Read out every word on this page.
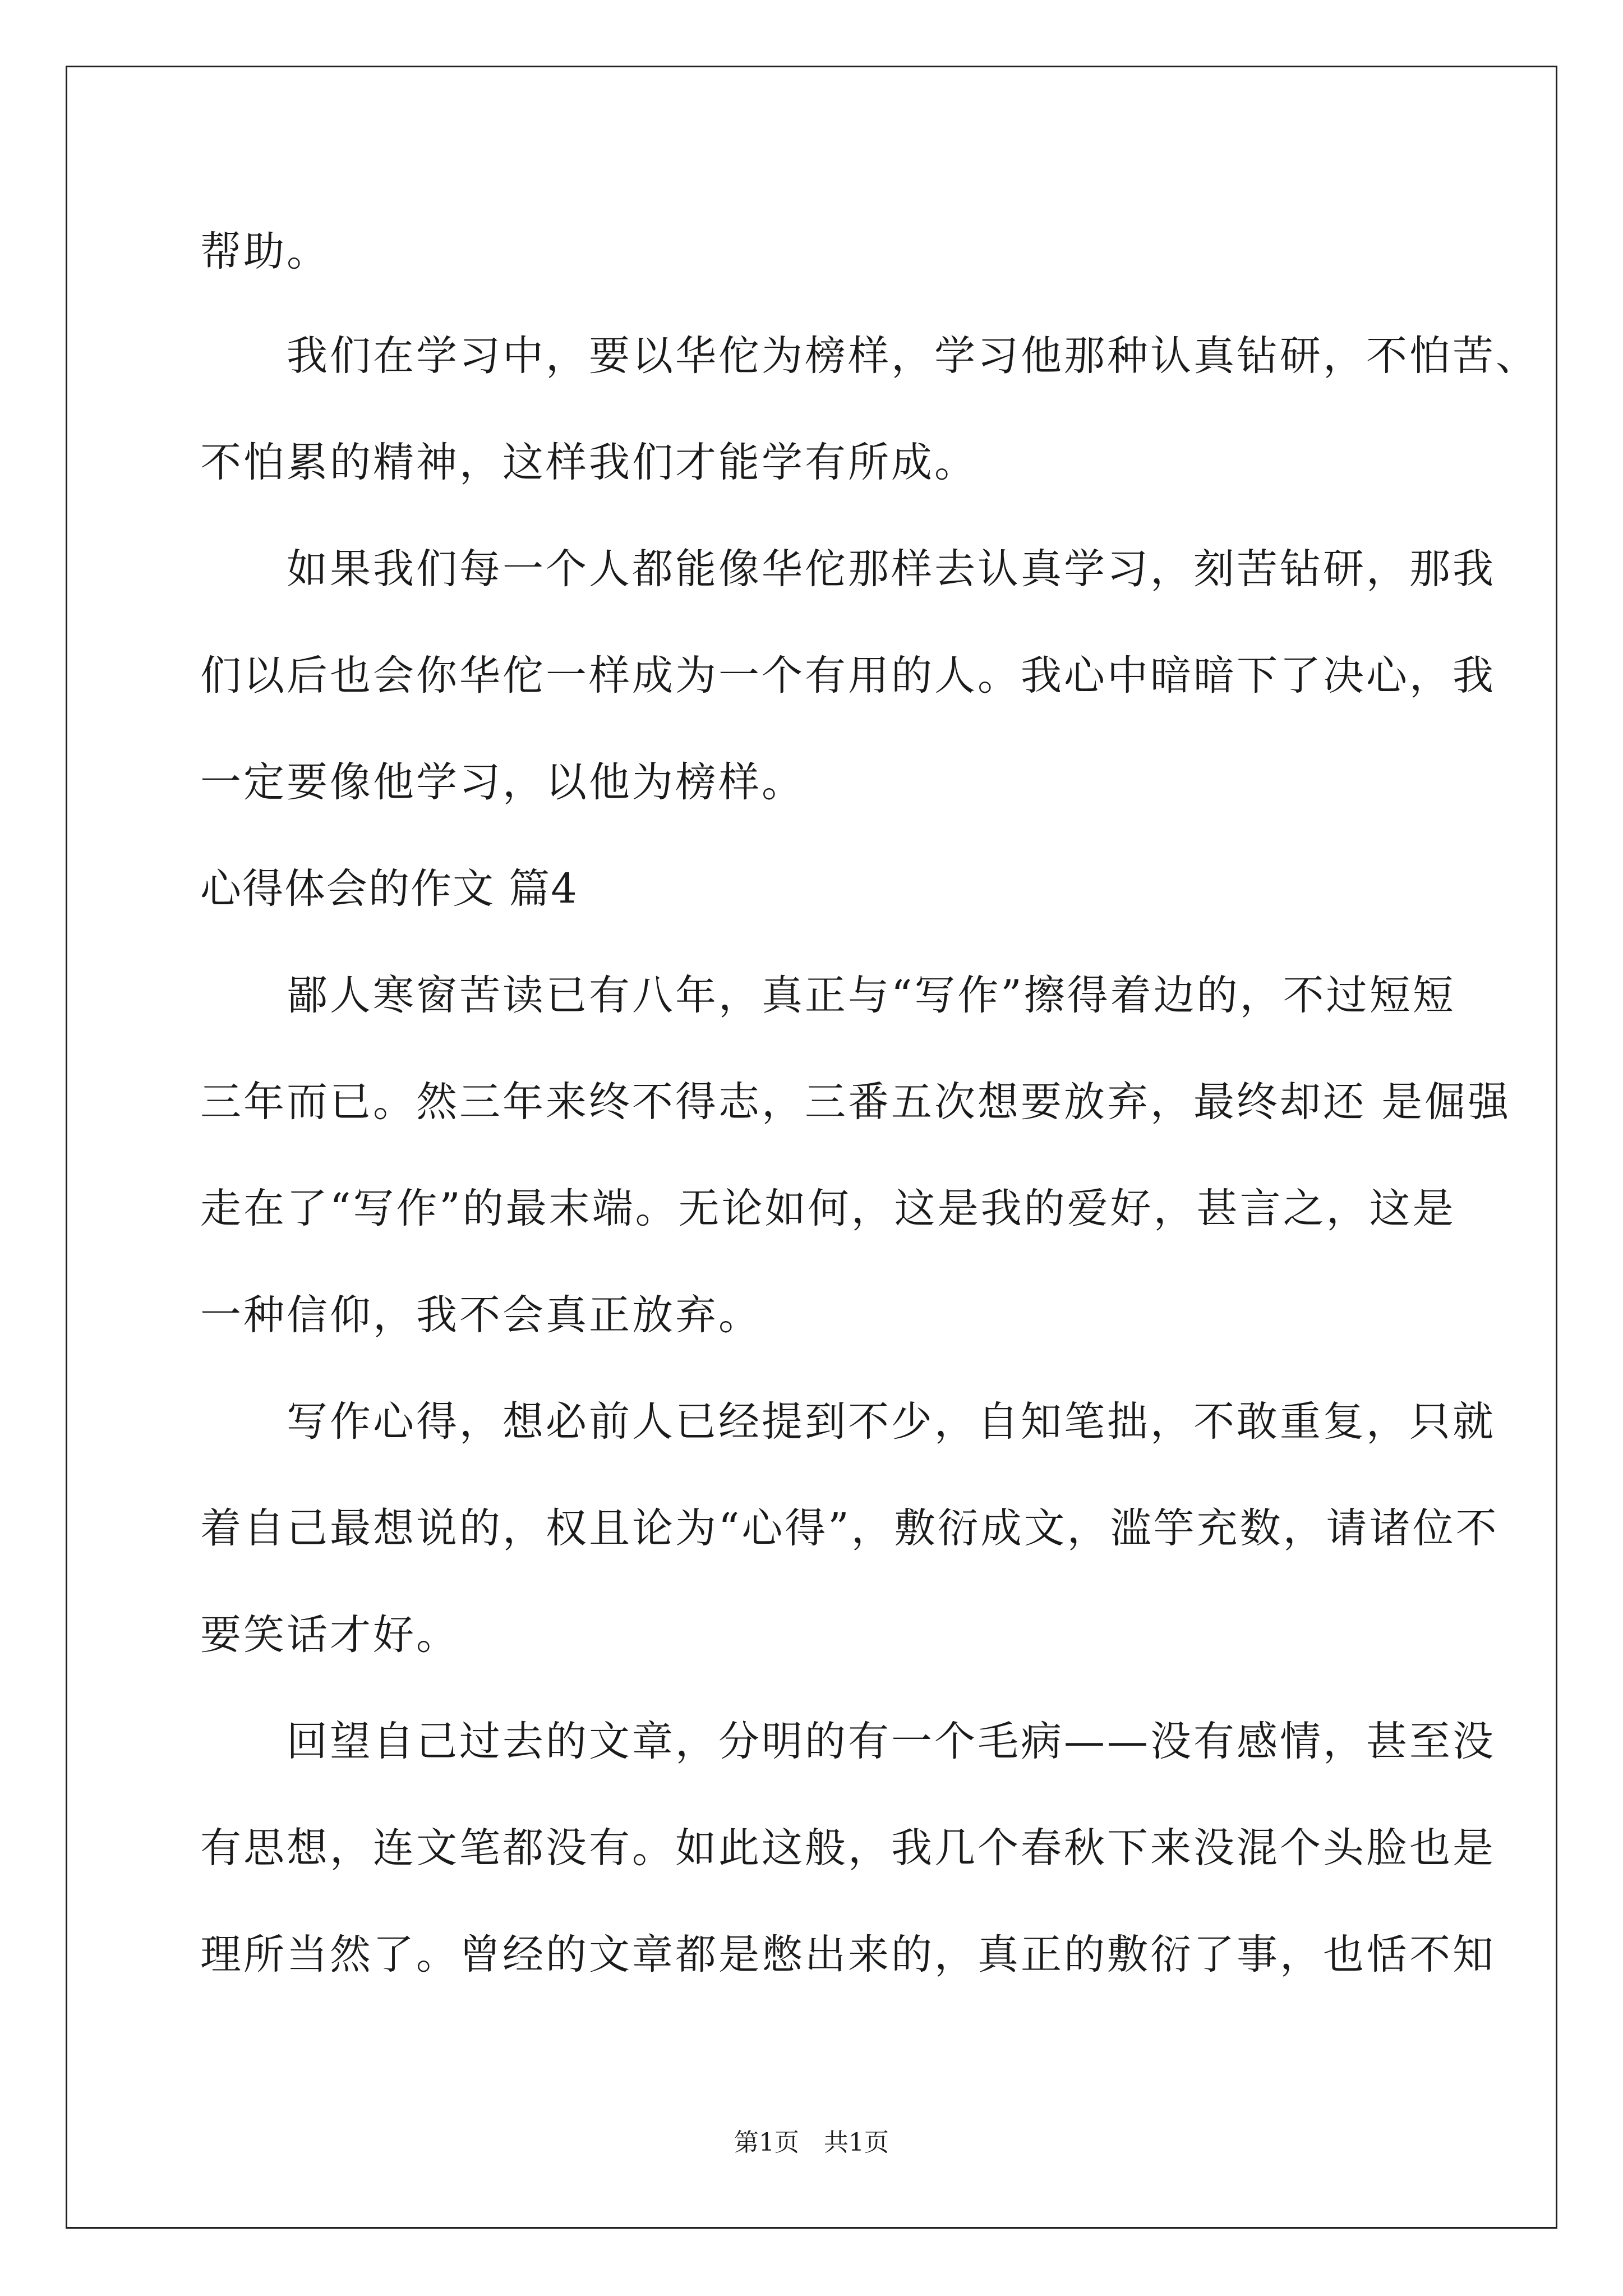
帮助。
　　我们在学习中，要以华佗为榜样，学习他那种认真钻研，不怕苦、
不怕累的精神，这样我们才能学有所成。
　　如果我们每一个人都能像华佗那样去认真学习，刻苦钻研，那我
们以后也会你华佗一样成为一个有用的人。我心中暗暗下了决心，我
一定要像他学习，以他为榜样。
心得体会的作文 篇4
　　鄙人寒窗苦读已有八年，真正与“写作”擦得着边的，不过短短
三年而已。然三年来终不得志，三番五次想要放弃，最终却还 是倔强
走在了“写作”的最末端。无论如何，这是我的爱好，甚言之，这是
一种信仰，我不会真正放弃。
　　写作心得，想必前人已经提到不少，自知笔拙，不敢重复，只就
着自己最想说的，权且论为“心得”，敷衍成文，滥竽充数，请诸位不
要笑话才好。
　　回望自己过去的文章，分明的有一个毛病——没有感情，甚至没
有思想，连文笔都没有。如此这般，我几个春秋下来没混个头脸也是
理所当然了。曾经的文章都是憋出来的，真正的敷衍了事，也恬不知
第1页　共1页
